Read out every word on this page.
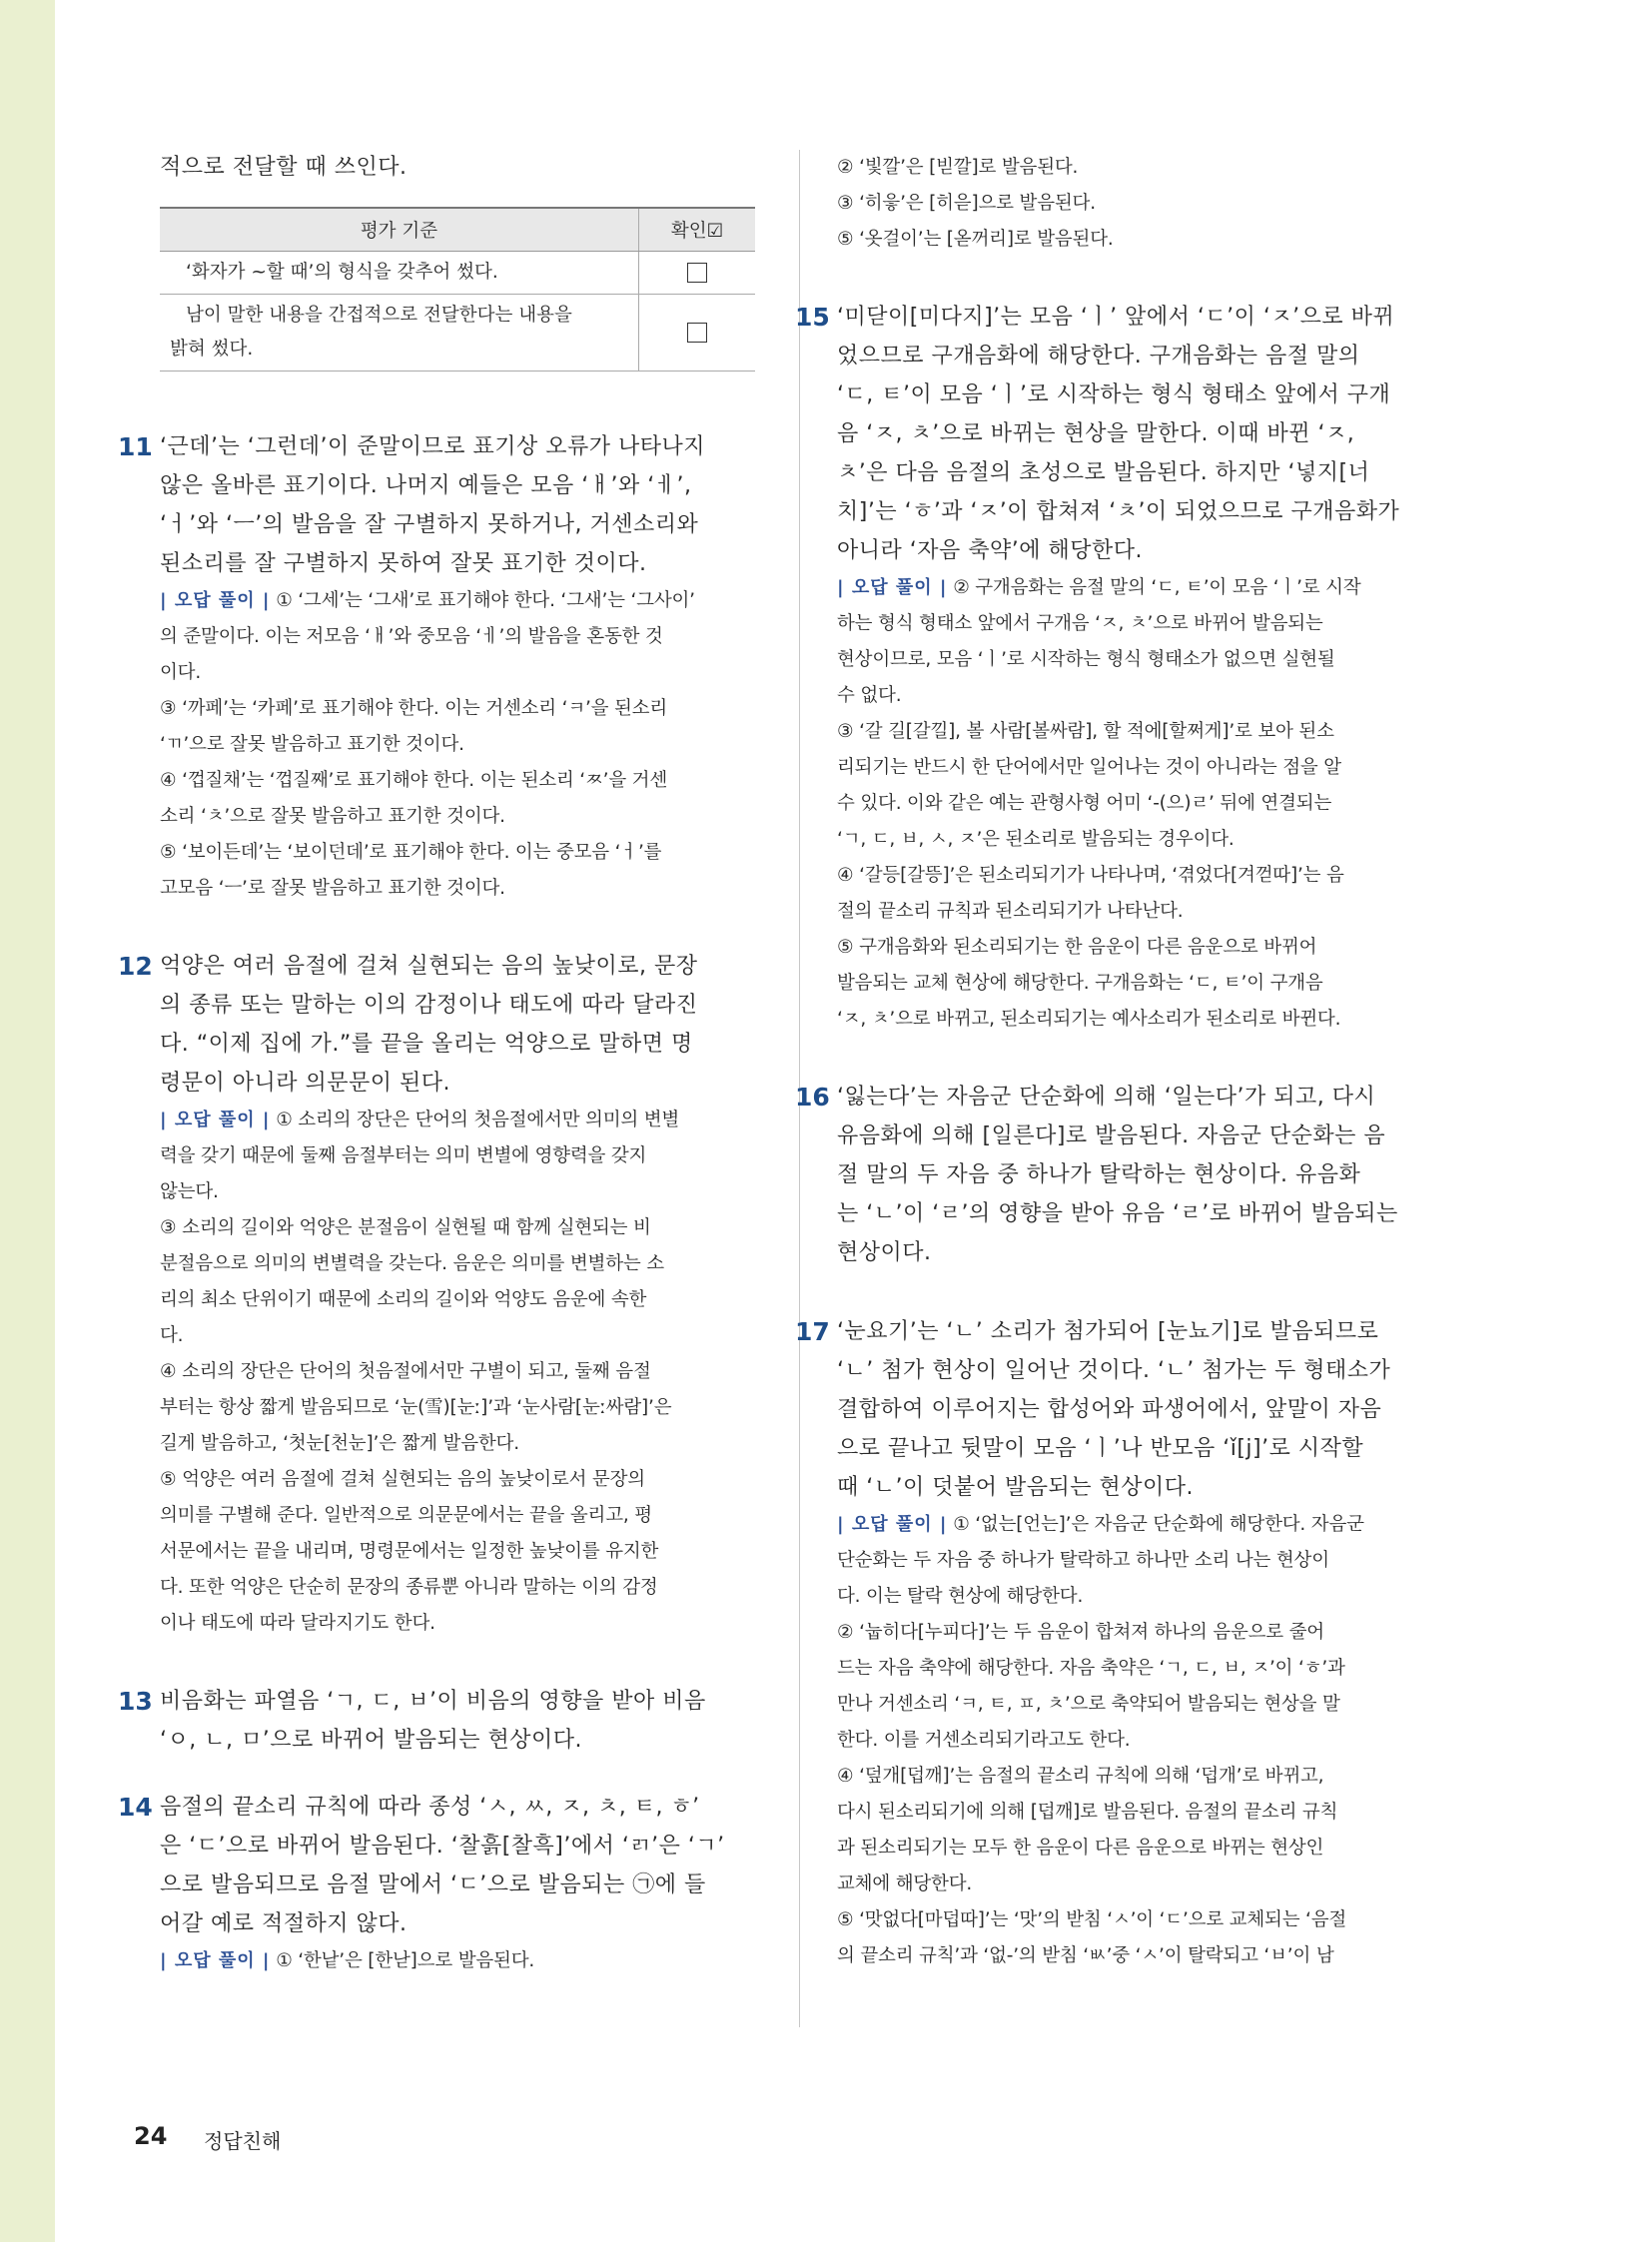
적으로 전달할 때 쓰인다.
평가 기준	확인☑
‘화자가 ~할 때’의 형식을 갖추어 썼다.	

남이 말한 내용을 간접적으로 전달한다는 내용을
밝혀 썼다.	

11 ‘근데’는 ‘그런데’이 준말이므로 표기상 오류가 나타나지
않은 올바른 표기이다. 나머지 예들은 모음 ‘ㅐ’와 ‘ㅔ’,
‘ㅓ’와 ‘ㅡ’의 발음을 잘 구별하지 못하거나, 거센소리와
된소리를 잘 구별하지 못하여 잘못 표기한 것이다.
| 오답 풀이 | ① ‘그세’는 ‘그새’로 표기해야 한다. ‘그새’는 ‘그사이’
의 준말이다. 이는 저모음 ‘ㅐ’와 중모음 ‘ㅔ’의 발음을 혼동한 것
이다.
③ ‘까페’는 ‘카페’로 표기해야 한다. 이는 거센소리 ‘ㅋ’을 된소리
‘ㄲ’으로 잘못 발음하고 표기한 것이다.
④ ‘껍질채’는 ‘껍질째’로 표기해야 한다. 이는 된소리 ‘ㅉ’을 거센
소리 ‘ㅊ’으로 잘못 발음하고 표기한 것이다.
⑤ ‘보이든데’는 ‘보이던데’로 표기해야 한다. 이는 중모음 ‘ㅓ’를
고모음 ‘ㅡ’로 잘못 발음하고 표기한 것이다.
12 억양은 여러 음절에 걸쳐 실현되는 음의 높낮이로, 문장
의 종류 또는 말하는 이의 감정이나 태도에 따라 달라진
다. “이제 집에 가.”를 끝을 올리는 억양으로 말하면 명
령문이 아니라 의문문이 된다.
| 오답 풀이 | ① 소리의 장단은 단어의 첫음절에서만 의미의 변별
력을 갖기 때문에 둘째 음절부터는 의미 변별에 영향력을 갖지
않는다.
③ 소리의 길이와 억양은 분절음이 실현될 때 함께 실현되는 비
분절음으로 의미의 변별력을 갖는다. 음운은 의미를 변별하는 소
리의 최소 단위이기 때문에 소리의 길이와 억양도 음운에 속한
다.
④ 소리의 장단은 단어의 첫음절에서만 구별이 되고, 둘째 음절
부터는 항상 짧게 발음되므로 ‘눈(雪)[눈ː]’과 ‘눈사람[눈ː싸람]’은
길게 발음하고, ‘첫눈[천눈]’은 짧게 발음한다.
⑤ 억양은 여러 음절에 걸쳐 실현되는 음의 높낮이로서 문장의
의미를 구별해 준다. 일반적으로 의문문에서는 끝을 올리고, 평
서문에서는 끝을 내리며, 명령문에서는 일정한 높낮이를 유지한
다. 또한 억양은 단순히 문장의 종류뿐 아니라 말하는 이의 감정
이나 태도에 따라 달라지기도 한다.
13 비음화는 파열음 ‘ㄱ, ㄷ, ㅂ’이 비음의 영향을 받아 비음
‘ㅇ, ㄴ, ㅁ’으로 바뀌어 발음되는 현상이다.
14 음절의 끝소리 규칙에 따라 종성 ‘ㅅ, ㅆ, ㅈ, ㅊ, ㅌ, ㅎ’
은 ‘ㄷ’으로 바뀌어 발음된다. ‘찰흙[찰흑]’에서 ‘ㄺ’은 ‘ㄱ’
으로 발음되므로 음절 말에서 ‘ㄷ’으로 발음되는 ㉠에 들
어갈 예로 적절하지 않다.
| 오답 풀이 | ① ‘한낱’은 [한낟]으로 발음된다.
② ‘빛깔’은 [빋깔]로 발음된다.
③ ‘히읗’은 [히읃]으로 발음된다.
⑤ ‘옷걸이’는 [옫꺼리]로 발음된다.
15 ‘미닫이[미다지]’는 모음 ‘ㅣ’ 앞에서 ‘ㄷ’이 ‘ㅈ’으로 바뀌
었으므로 구개음화에 해당한다. 구개음화는 음절 말의
‘ㄷ, ㅌ’이 모음 ‘ㅣ’로 시작하는 형식 형태소 앞에서 구개
음 ‘ㅈ, ㅊ’으로 바뀌는 현상을 말한다. 이때 바뀐 ‘ㅈ,
ㅊ’은 다음 음절의 초성으로 발음된다. 하지만 ‘넣지[너
치]’는 ‘ㅎ’과 ‘ㅈ’이 합쳐져 ‘ㅊ’이 되었으므로 구개음화가
아니라 ‘자음 축약’에 해당한다.
| 오답 풀이 | ② 구개음화는 음절 말의 ‘ㄷ, ㅌ’이 모음 ‘ㅣ’로 시작
하는 형식 형태소 앞에서 구개음 ‘ㅈ, ㅊ’으로 바뀌어 발음되는
현상이므로, 모음 ‘ㅣ’로 시작하는 형식 형태소가 없으면 실현될
수 없다.
③ ‘갈 길[갈낄], 볼 사람[볼싸람], 할 적에[할쩌게]’로 보아 된소
리되기는 반드시 한 단어에서만 일어나는 것이 아니라는 점을 알
수 있다. 이와 같은 예는 관형사형 어미 ‘-(으)ㄹ’ 뒤에 연결되는
‘ㄱ, ㄷ, ㅂ, ㅅ, ㅈ’은 된소리로 발음되는 경우이다.
④ ‘갈등[갈뜽]’은 된소리되기가 나타나며, ‘겪었다[겨껃따]’는 음
절의 끝소리 규칙과 된소리되기가 나타난다.
⑤ 구개음화와 된소리되기는 한 음운이 다른 음운으로 바뀌어
발음되는 교체 현상에 해당한다. 구개음화는 ‘ㄷ, ㅌ’이 구개음
‘ㅈ, ㅊ’으로 바뀌고, 된소리되기는 예사소리가 된소리로 바뀐다.
16 ‘잃는다’는 자음군 단순화에 의해 ‘일는다’가 되고, 다시
유음화에 의해 [일른다]로 발음된다. 자음군 단순화는 음
절 말의 두 자음 중 하나가 탈락하는 현상이다. 유음화
는 ‘ㄴ’이 ‘ㄹ’의 영향을 받아 유음 ‘ㄹ’로 바뀌어 발음되는
현상이다.
17 ‘눈요기’는 ‘ㄴ’ 소리가 첨가되어 [눈뇨기]로 발음되므로
‘ㄴ’ 첨가 현상이 일어난 것이다. ‘ㄴ’ 첨가는 두 형태소가
결합하여 이루어지는 합성어와 파생어에서, 앞말이 자음
으로 끝나고 뒷말이 모음 ‘ㅣ’나 반모음 ‘ǐ[j]’로 시작할
때 ‘ㄴ’이 덧붙어 발음되는 현상이다.
| 오답 풀이 | ① ‘없는[언는]’은 자음군 단순화에 해당한다. 자음군
단순화는 두 자음 중 하나가 탈락하고 하나만 소리 나는 현상이
다. 이는 탈락 현상에 해당한다.
② ‘눕히다[누피다]’는 두 음운이 합쳐져 하나의 음운으로 줄어
드는 자음 축약에 해당한다. 자음 축약은 ‘ㄱ, ㄷ, ㅂ, ㅈ’이 ‘ㅎ’과
만나 거센소리 ‘ㅋ, ㅌ, ㅍ, ㅊ’으로 축약되어 발음되는 현상을 말
한다. 이를 거센소리되기라고도 한다.
④ ‘덮개[덥깨]’는 음절의 끝소리 규칙에 의해 ‘덥개’로 바뀌고,
다시 된소리되기에 의해 [덥깨]로 발음된다. 음절의 끝소리 규칙
과 된소리되기는 모두 한 음운이 다른 음운으로 바뀌는 현상인
교체에 해당한다.
⑤ ‘맛없다[마덥따]’는 ‘맛’의 받침 ‘ㅅ’이 ‘ㄷ’으로 교체되는 ‘음절
의 끝소리 규칙’과 ‘없-’의 받침 ‘ㅄ’중 ‘ㅅ’이 탈락되고 ‘ㅂ’이 남
24 정답친해
